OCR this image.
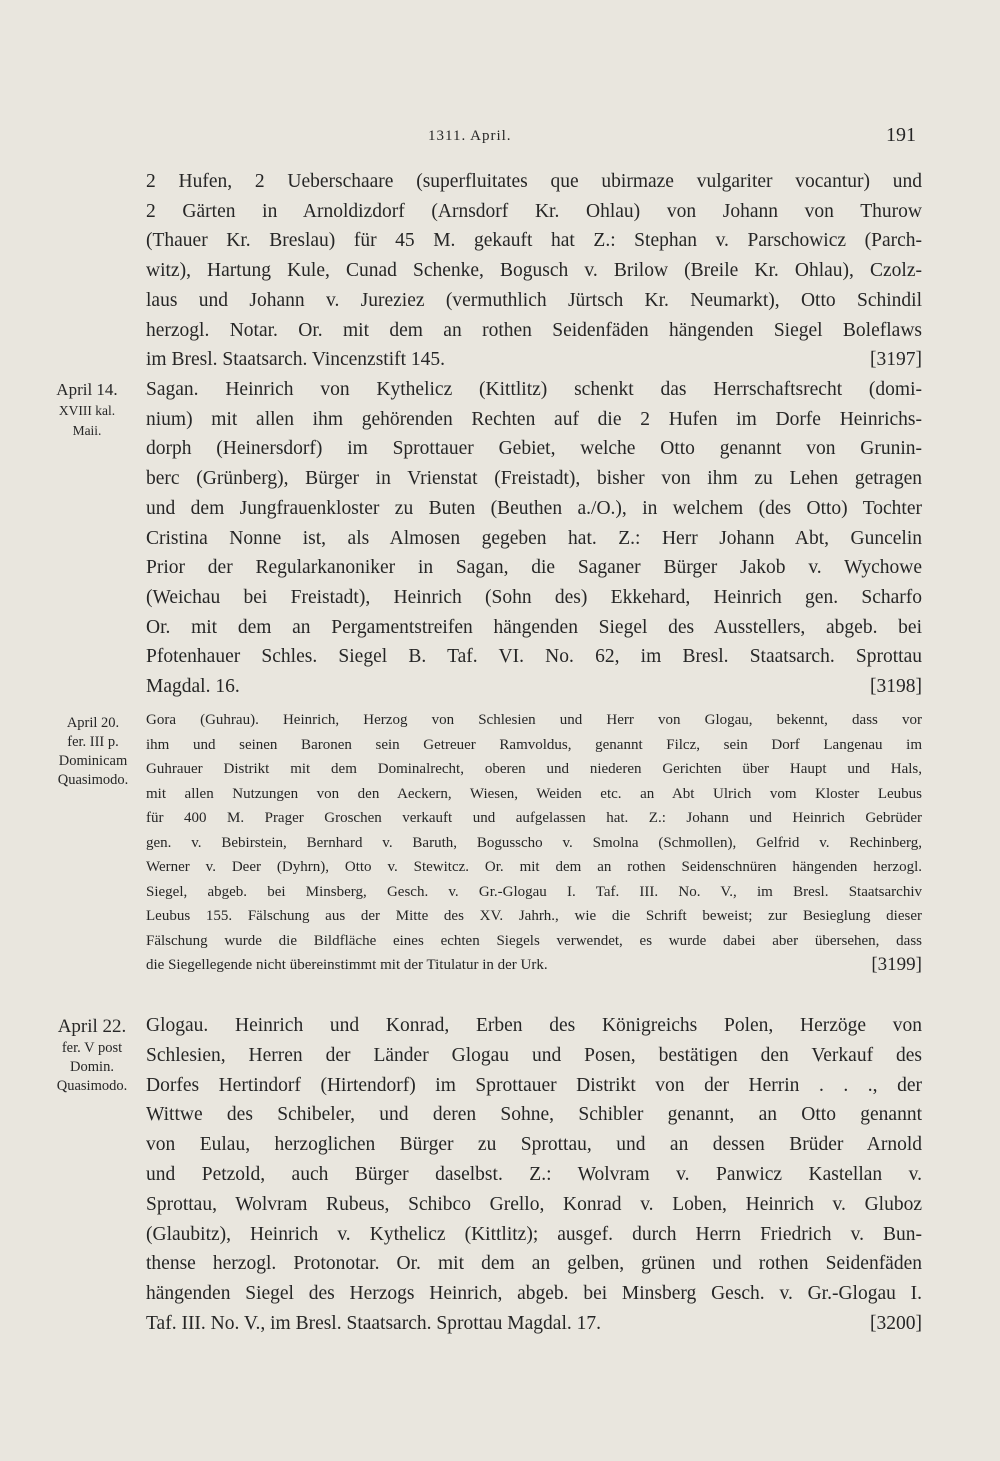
1311. April.	191
2 Hufen, 2 Ueberschaare (superfluitates que ubirmaze vulgariter vocantur) und
2 Gärten in Arnoldizdorf (Arnsdorf Kr. Ohlau) von Johann von Thurow
(Thauer Kr. Breslau) für 45 M. gekauft hat Z.: Stephan v. Parschowicz (Parch-
witz), Hartung Kule, Cunad Schenke, Bogusch v. Brilow (Breile Kr. Ohlau), Czolz-
laus und Johann v. Jureziez (vermuthlich Jürtsch Kr. Neumarkt), Otto Schindil
herzogl. Notar. Or. mit dem an rothen Seidenfäden hängenden Siegel Boleflaws
im Bresl. Staatsarch. Vincenzstift 145.	[3197]
April 14.
XVIII kal.
Maii.
Sagan. Heinrich von Kythelicz (Kittlitz) schenkt das Herrschaftsrecht (domi-
nium) mit allen ihm gehörenden Rechten auf die 2 Hufen im Dorfe Heinrichs-
dorph (Heinersdorf) im Sprottauer Gebiet, welche Otto genannt von Grunin-
berc (Grünberg), Bürger in Vrienstat (Freistadt), bisher von ihm zu Lehen getragen
und dem Jungfrauenkloster zu Buten (Beuthen a./O.), in welchem (des Otto) Tochter
Cristina Nonne ist, als Almosen gegeben hat. Z.: Herr Johann Abt, Guncelin
Prior der Regularkanoniker in Sagan, die Saganer Bürger Jakob v. Wychowe
(Weichau bei Freistadt), Heinrich (Sohn des) Ekkehard, Heinrich gen. Scharfo
Or. mit dem an Pergamentstreifen hängenden Siegel des Ausstellers, abgeb. bei
Pfotenhauer Schles. Siegel B. Taf. VI. No. 62, im Bresl. Staatsarch. Sprottau
Magdal. 16.	[3198]
April 20.
fer. III p.
Dominicam
Quasimodo.
Gora (Guhrau). Heinrich, Herzog von Schlesien und Herr von Glogau, bekennt, dass vor
ihm und seinen Baronen sein Getreuer Ramvoldus, genannt Filcz, sein Dorf Langenau im
Guhrauer Distrikt mit dem Dominalrecht, oberen und niederen Gerichten über Haupt und Hals,
mit allen Nutzungen von den Aeckern, Wiesen, Weiden etc. an Abt Ulrich vom Kloster Leubus
für 400 M. Prager Groschen verkauft und aufgelassen hat. Z.: Johann und Heinrich Gebrüder
gen. v. Bebirstein, Bernhard v. Baruth, Bogusscho v. Smolna (Schmollen), Gelfrid v. Rechinberg,
Werner v. Deer (Dyhrn), Otto v. Stewitcz. Or. mit dem an rothen Seidenschnüren hängenden herzogl.
Siegel, abgeb. bei Minsberg, Gesch. v. Gr.-Glogau I. Taf. III. No. V., im Bresl. Staatsarchiv
Leubus 155. Fälschung aus der Mitte des XV. Jahrh., wie die Schrift beweist; zur Besieglung dieser
Fälschung wurde die Bildfläche eines echten Siegels verwendet, es wurde dabei aber übersehen, dass
die Siegellegende nicht übereinstimmt mit der Titulatur in der Urk.	[3199]
April 22.
fer. V post
Domin.
Quasimodo.
Glogau. Heinrich und Konrad, Erben des Königreichs Polen, Herzöge von
Schlesien, Herren der Länder Glogau und Posen, bestätigen den Verkauf des
Dorfes Hertindorf (Hirtendorf) im Sprottauer Distrikt von der Herrin . . ., der
Wittwe des Schibeler, und deren Sohne, Schibler genannt, an Otto genannt
von Eulau, herzoglichen Bürger zu Sprottau, und an dessen Brüder Arnold
und Petzold, auch Bürger daselbst. Z.: Wolvram v. Panwicz Kastellan v.
Sprottau, Wolvram Rubeus, Schibco Grello, Konrad v. Loben, Heinrich v. Gluboz
(Glaubitz), Heinrich v. Kythelicz (Kittlitz); ausgef. durch Herrn Friedrich v. Bun-
thense herzogl. Protonotar. Or. mit dem an gelben, grünen und rothen Seidenfäden
hängenden Siegel des Herzogs Heinrich, abgeb. bei Minsberg Gesch. v. Gr.-Glogau I.
Taf. III. No. V., im Bresl. Staatsarch. Sprottau Magdal. 17.	[3200]
